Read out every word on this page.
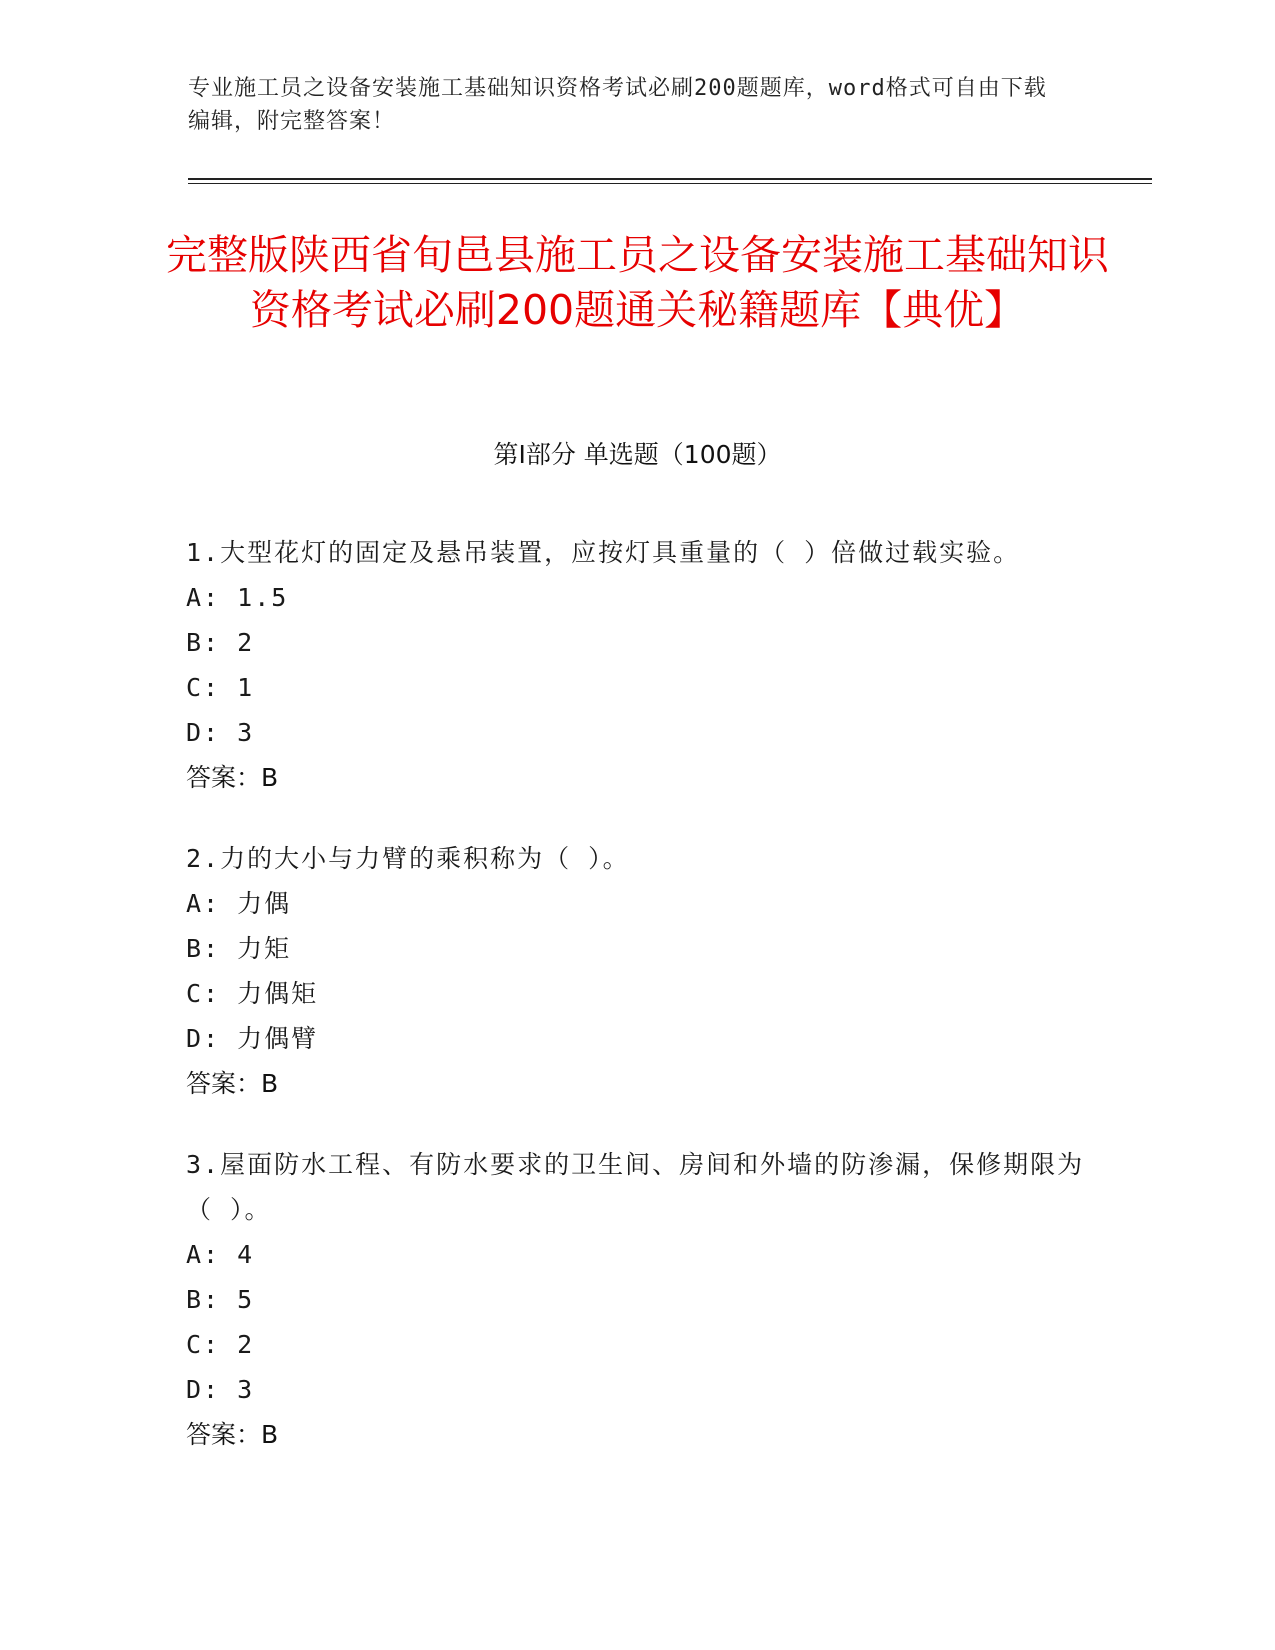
专业施工员之设备安装施工基础知识资格考试必刷200题题库，word格式可自由下载编辑，附完整答案！
完整版陕西省旬邑县施工员之设备安装施工基础知识资格考试必刷200题通关秘籍题库【典优】
第Ⅰ部分 单选题（100题）
1.大型花灯的固定及悬吊装置，应按灯具重量的（ ）倍做过载实验。
A: 1.5
B: 2
C: 1
D: 3
答案：B
2.力的大小与力臂的乘积称为（ ）。
A: 力偶
B: 力矩
C: 力偶矩
D: 力偶臂
答案：B
3.屋面防水工程、有防水要求的卫生间、房间和外墙的防渗漏，保修期限为（ ）。
A: 4
B: 5
C: 2
D: 3
答案：B
